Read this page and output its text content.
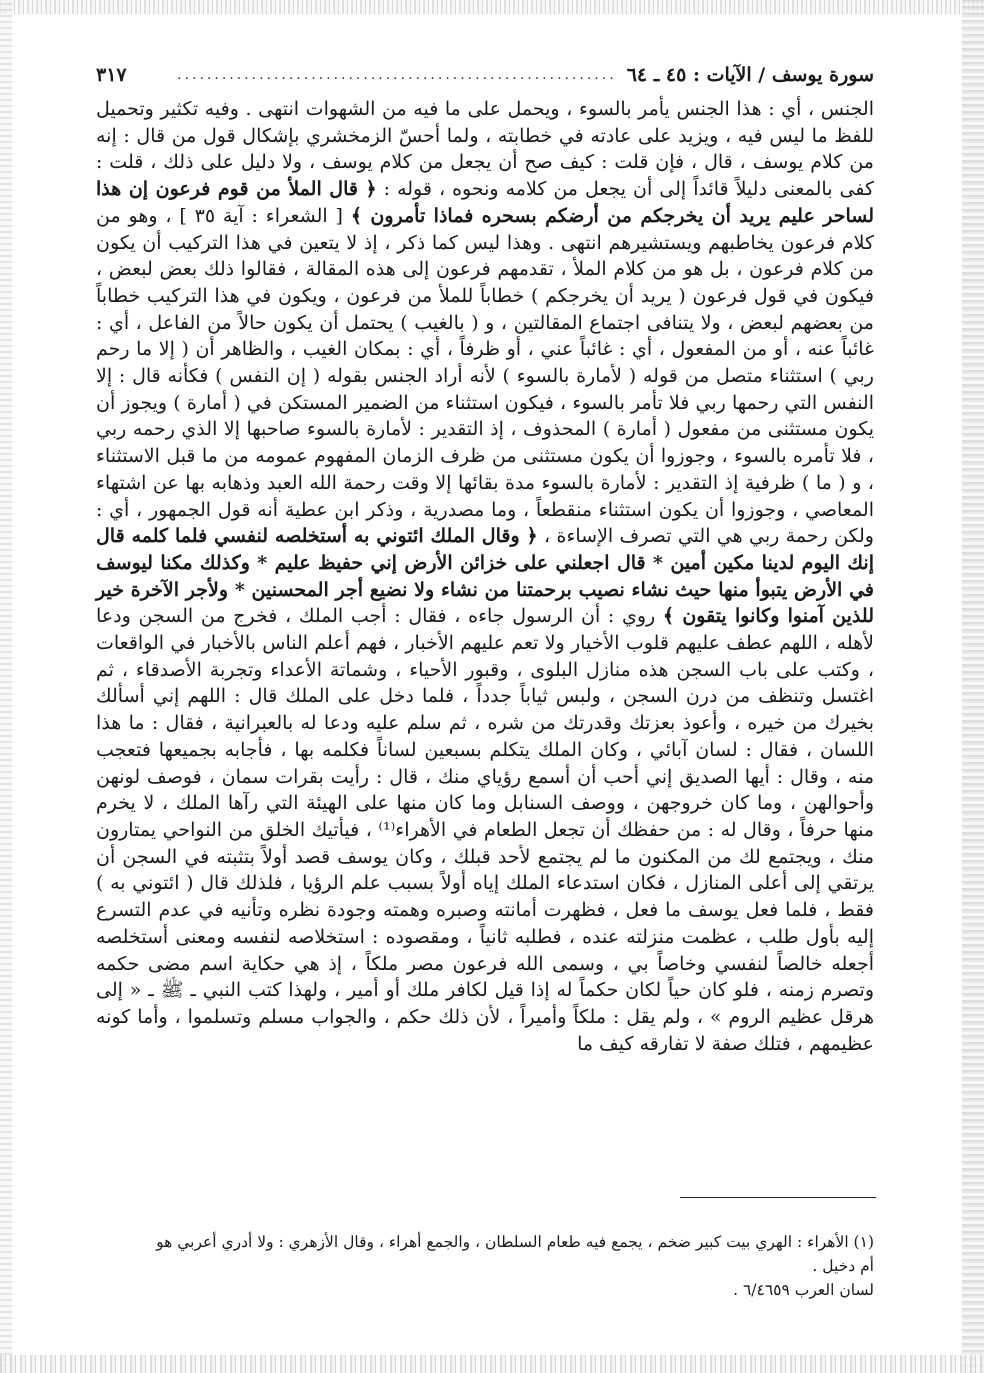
سورة يوسف / الآيات : ٤٥ ـ ٦٤
...........................................................
٣١٧

الجنس ، أي : هذا الجنس يأمر بالسوء ، ويحمل على ما فيه من الشهوات انتهى . وفيه تكثير وتحميل للفظ ما ليس فيه ، ويزيد على عادته في خطابته ، ولما أحسّ الزمخشري بإشكال قول من قال : إنه من كلام يوسف ، قال ، فإن قلت : كيف صح أن يجعل من كلام يوسف ، ولا دليل على ذلك ، قلت : كفى بالمعنى دليلاً قائداً إلى أن يجعل من كلامه ونحوه ، قوله : ﴿ قال الملأ من قوم فرعون إن هذا لساحر عليم يريد أن يخرجكم من أرضكم بسحره فماذا تأمرون ﴾ [ الشعراء : آية ٣٥ ] ، وهو من كلام فرعون يخاطبهم ويستشيرهم انتهى . وهذا ليس كما ذكر ، إذ لا يتعين في هذا التركيب أن يكون من كلام فرعون ، بل هو من كلام الملأ ، تقدمهم فرعون إلى هذه المقالة ، فقالوا ذلك بعض لبعض ، فيكون في قول فرعون ( يريد أن يخرجكم ) خطاباً للملأ من فرعون ، ويكون في هذا التركيب خطاباً من بعضهم لبعض ، ولا يتنافى اجتماع المقالتين ، و ( بالغيب ) يحتمل أن يكون حالاً من الفاعل ، أي : غائباً عنه ، أو من المفعول ، أي : غائباً عني ، أو ظرفاً ، أي : بمكان الغيب ، والظاهر أن ( إلا ما رحم ربي ) استثناء متصل من قوله ( لأمارة بالسوء ) لأنه أراد الجنس بقوله ( إن النفس ) فكأنه قال : إلا النفس التي رحمها ربي فلا تأمر بالسوء ، فيكون استثناء من الضمير المستكن في ( أمارة ) ويجوز أن يكون مستثنى من مفعول ( أمارة ) المحذوف ، إذ التقدير : لأمارة بالسوء صاحبها إلا الذي رحمه ربي ، فلا تأمره بالسوء ، وجوزوا أن يكون مستثنى من ظرف الزمان المفهوم عمومه من ما قبل الاستثناء ، و ( ما ) ظرفية إذ التقدير : لأمارة بالسوء مدة بقائها إلا وقت رحمة الله العبد وذهابه بها عن اشتهاء المعاصي ، وجوزوا أن يكون استثناء منقطعاً ، وما مصدرية ، وذكر ابن عطية أنه قول الجمهور ، أي : ولكن رحمة ربي هي التي تصرف الإساءة ، ﴿ وقال الملك ائتوني به أستخلصه لنفسي فلما كلمه قال إنك اليوم لدينا مكين أمين * قال اجعلني على خزائن الأرض إني حفيظ عليم * وكذلك مكنا ليوسف في الأرض يتبوأ منها حيث نشاء نصيب برحمتنا من نشاء ولا نضيع أجر المحسنين * ولأجر الآخرة خير للذين آمنوا وكانوا يتقون ﴾ روي : أن الرسول جاءه ، فقال : أجب الملك ، فخرج من السجن ودعا لأهله ، اللهم عطف عليهم قلوب الأخيار ولا تعم عليهم الأخبار ، فهم أعلم الناس بالأخبار في الواقعات ، وكتب على باب السجن هذه منازل البلوى ، وقبور الأحياء ، وشماتة الأعداء وتجربة الأصدقاء ، ثم اغتسل وتنظف من درن السجن ، ولبس ثياباً جدداً ، فلما دخل على الملك قال : اللهم إني أسألك بخيرك من خيره ، وأعوذ بعزتك وقدرتك من شره ، ثم سلم عليه ودعا له بالعبرانية ، فقال : ما هذا اللسان ، فقال : لسان آبائي ، وكان الملك يتكلم بسبعين لساناً فكلمه بها ، فأجابه بجميعها فتعجب منه ، وقال : أيها الصديق إني أحب أن أسمع رؤياي منك ، قال : رأيت بقرات سمان ، فوصف لونهن وأحوالهن ، وما كان خروجهن ، ووصف السنابل وما كان منها على الهيئة التي رآها الملك ، لا يخرم منها حرفاً ، وقال له : من حفظك أن تجعل الطعام في الأهراء⁽¹⁾ ، فيأتيك الخلق من النواحي يمتارون منك ، ويجتمع لك من المكنون ما لم يجتمع لأحد قبلك ، وكان يوسف قصد أولاً بتثبته في السجن أن يرتقي إلى أعلى المنازل ، فكان استدعاء الملك إياه أولاً بسبب علم الرؤيا ، فلذلك قال ( ائتوني به ) فقط ، فلما فعل يوسف ما فعل ، فظهرت أمانته وصبره وهمته وجودة نظره وتأنيه في عدم التسرع إليه بأول طلب ، عظمت منزلته عنده ، فطلبه ثانياً ، ومقصوده : استخلاصه لنفسه ومعنى أستخلصه أجعله خالصاً لنفسي وخاصاً بي ، وسمى الله فرعون مصر ملكاً ، إذ هي حكاية اسم مضى حكمه وتصرم زمنه ، فلو كان حياً لكان حكماً له إذا قيل لكافر ملك أو أمير ، ولهذا كتب النبي ـ ﷺ ـ « إلى هرقل عظيم الروم » ، ولم يقل : ملكاً وأميراً ، لأن ذلك حكم ، والجواب مسلم وتسلموا ، وأما كونه عظيمهم ، فتلك صفة لا تفارقه كيف ما

(١) الأهراء : الهري بيت كبير ضخم ، يجمع فيه طعام السلطان ، والجمع أهراء ، وقال الأزهري : ولا أدري أعربي هو أم دخيل .

لسان العرب ٦/٤٦٥٩ .
